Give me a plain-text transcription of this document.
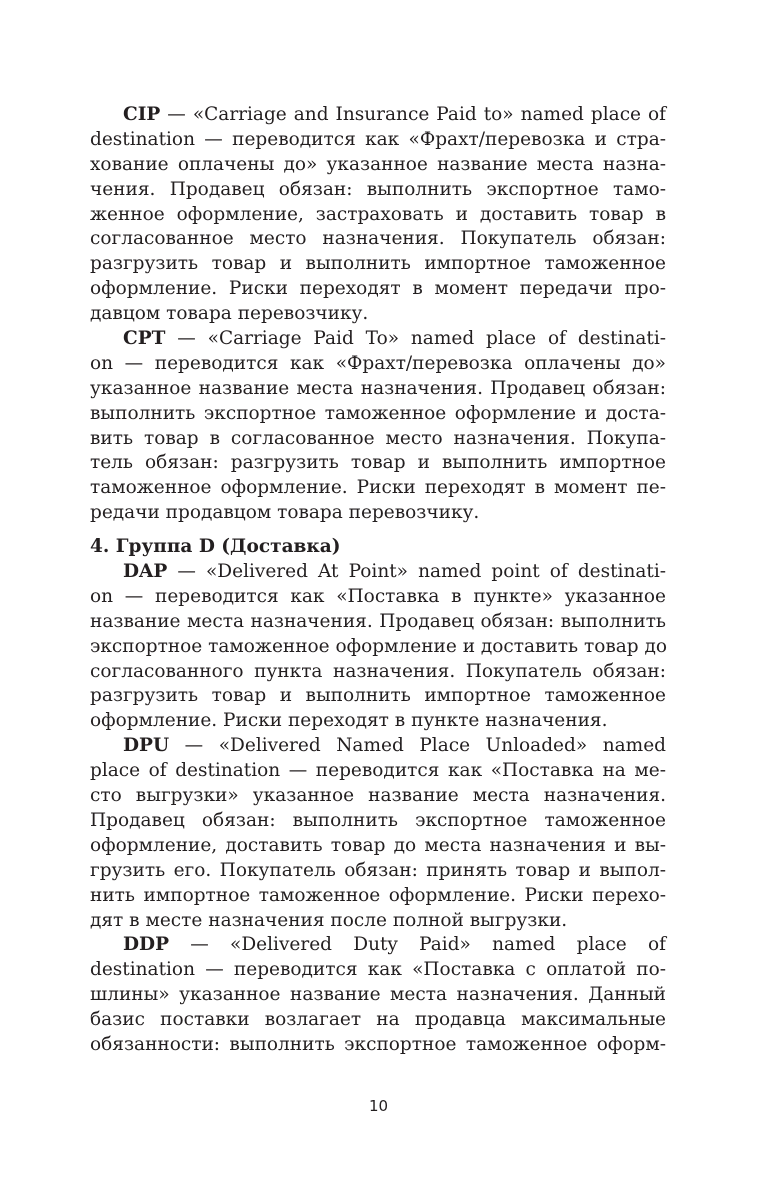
CIP — «Carriage and Insurance Paid to» named place of
destination — переводится как «Фрахт/перевозка и стра-
хование оплачены до» указанное название места назна-
чения. Продавец обязан: выполнить экспортное тамо-
женное оформление, застраховать и доставить товар в
согласованное место назначения. Покупатель обязан:
разгрузить товар и выполнить импортное таможенное
оформление. Риски переходят в момент передачи про-
давцом товара перевозчику.
CPT — «Carriage Paid To» named place of destinati-
on — переводится как «Фрахт/перевозка оплачены до»
указанное название места назначения. Продавец обязан:
выполнить экспортное таможенное оформление и доста-
вить товар в согласованное место назначения. Покупа-
тель обязан: разгрузить товар и выполнить импортное
таможенное оформление. Риски переходят в момент пе-
редачи продавцом товара перевозчику.
4. Группа D (Доставка)
DAP — «Delivered At Point» named point of destinati-
on — переводится как «Поставка в пункте» указанное
название места назначения. Продавец обязан: выполнить
экспортное таможенное оформление и доставить товар до
согласованного пункта назначения. Покупатель обязан:
разгрузить товар и выполнить импортное таможенное
оформление. Риски переходят в пункте назначения.
DPU — «Delivered Named Place Unloaded» named
place of destination — переводится как «Поставка на ме-
сто выгрузки» указанное название места назначения.
Продавец обязан: выполнить экспортное таможенное
оформление, доставить товар до места назначения и вы-
грузить его. Покупатель обязан: принять товар и выпол-
нить импортное таможенное оформление. Риски перехо-
дят в месте назначения после полной выгрузки.
DDP — «Delivered Duty Paid» named place of
destination — переводится как «Поставка с оплатой по-
шлины» указанное название места назначения. Данный
базис поставки возлагает на продавца максимальные
обязанности: выполнить экспортное таможенное оформ-
10
